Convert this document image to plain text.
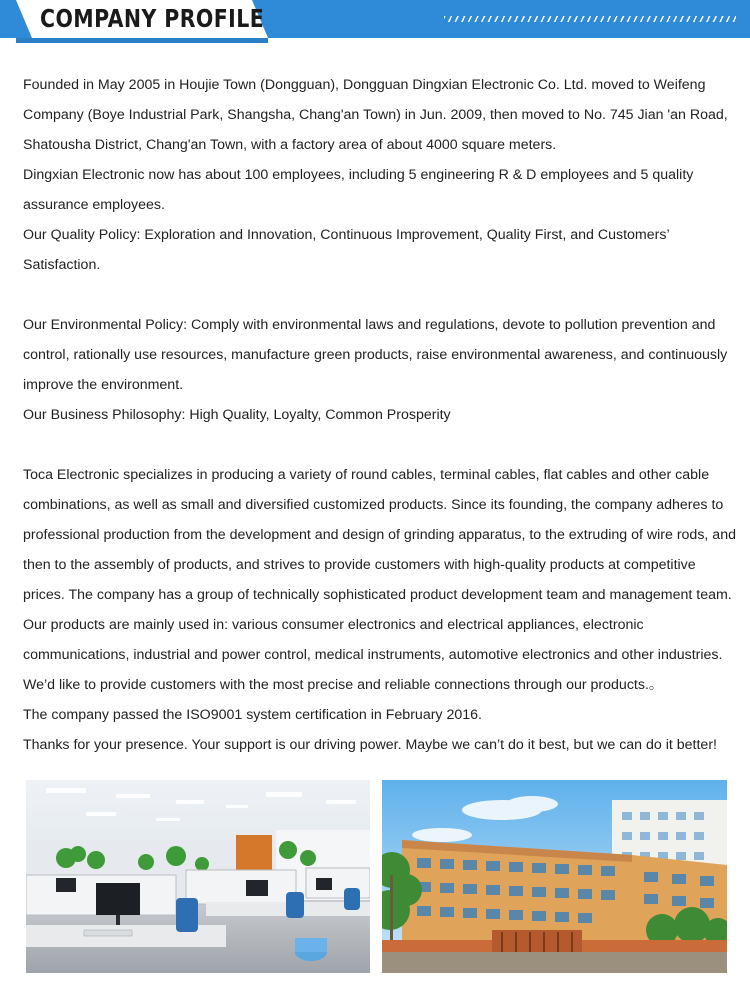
COMPANY PROFILE

Founded in May 2005 in Houjie Town (Dongguan), Dongguan Dingxian Electronic Co. Ltd. moved to Weifeng

Company (Boye Industrial Park, Shangsha, Chang'an Town) in Jun. 2009, then moved to No. 745 Jian 'an Road,

Shatousha District, Chang'an Town, with a factory area of about 4000 square meters.

Dingxian Electronic now has about 100 employees, including 5 engineering R & D employees and 5 quality

assurance employees.

Our Quality Policy: Exploration and Innovation, Continuous Improvement, Quality First, and Customers’

Satisfaction.

Our Environmental Policy: Comply with environmental laws and regulations, devote to pollution prevention and

control, rationally use resources, manufacture green products, raise environmental awareness, and continuously

improve the environment.

Our Business Philosophy: High Quality, Loyalty, Common Prosperity

Toca Electronic specializes in producing a variety of round cables, terminal cables, flat cables and other cable

combinations, as well as small and diversified customized products. Since its founding, the company adheres to

professional production from the development and design of grinding apparatus, to the extruding of wire rods, and

then to the assembly of products, and strives to provide customers with high-quality products at competitive

prices. The company has a group of technically sophisticated product development team and management team.

Our products are mainly used in: various consumer electronics and electrical appliances, electronic

communications, industrial and power control, medical instruments, automotive electronics and other industries.

We’d like to provide customers with the most precise and reliable connections through our products.。

The company passed the ISO9001 system certification in February 2016.

Thanks for your presence. Your support is our driving power. Maybe we can’t do it best, but we can do it better!
